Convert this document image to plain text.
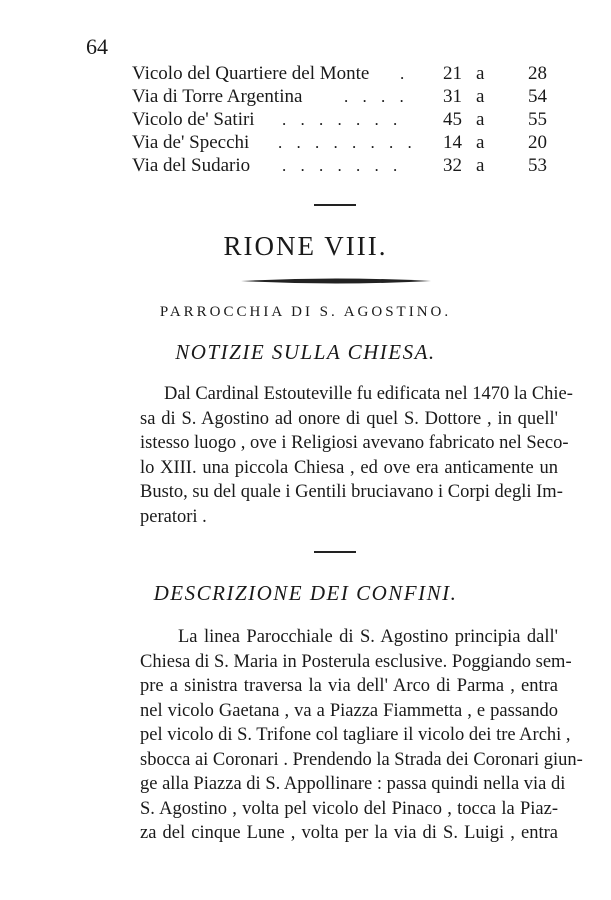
64
Vicolo del Quartiere del Monte .	21 a	28
Via di Torre Argentina . . . .	31 a	54
Vicolo de' Satiri . . . . . . .	45 a	55
Via de' Specchi . . . . . . . .	14 a	20
Via del Sudario . . . . . . .	32 a	53
RIONE VIII.
PARROCCHIA DI S. AGOSTINO.
NOTIZIE SULLA CHIESA.
Dal Cardinal Estouteville fu edificata nel 1470 la Chie-
sa di S. Agostino ad onore di quel S. Dottore , in quell'
istesso luogo , ove i Religiosi avevano fabricato nel Seco-
lo XIII. una piccola Chiesa , ed ove era anticamente un
Busto, su del quale i Gentili bruciavano i Corpi degli Im-
peratori .
DESCRIZIONE DEI CONFINI.
La linea Parocchiale di S. Agostino principia dall'
Chiesa di S. Maria in Posterula esclusive. Poggiando sem-
pre a sinistra traversa la via dell' Arco di Parma , entra
nel vicolo Gaetana , va a Piazza Fiammetta , e passando
pel vicolo di S. Trifone col tagliare il vicolo dei tre Archi ,
sbocca ai Coronari . Prendendo la Strada dei Coronari giun-
ge alla Piazza di S. Appollinare : passa quindi nella via di
S. Agostino , volta pel vicolo del Pinaco , tocca la Piaz-
za del cinque Lune , volta per la via di S. Luigi , entra
